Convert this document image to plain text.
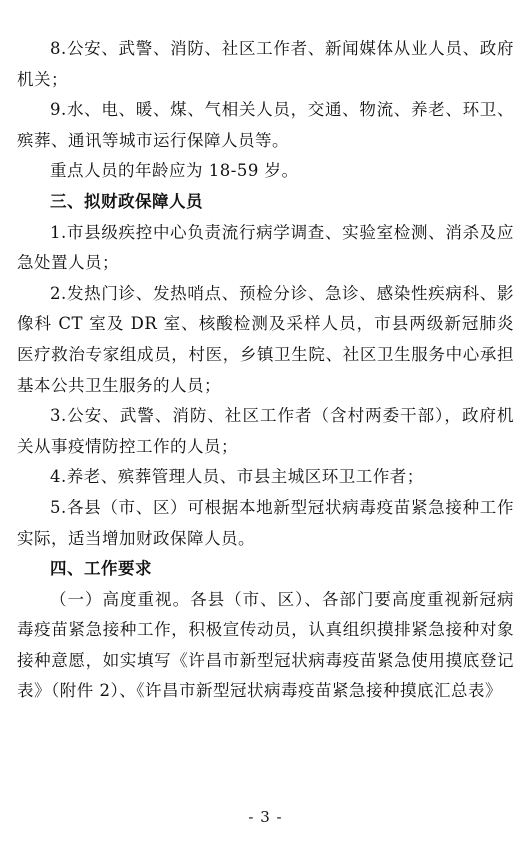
8.公安、武警、消防、社区工作者、新闻媒体从业人员、政府机关；

9.水、电、暖、煤、气相关人员，交通、物流、养老、环卫、殡葬、通讯等城市运行保障人员等。

重点人员的年龄应为 18-59 岁。

三、拟财政保障人员

1.市县级疾控中心负责流行病学调查、实验室检测、消杀及应急处置人员；

2.发热门诊、发热哨点、预检分诊、急诊、感染性疾病科、影像科 CT 室及 DR 室、核酸检测及采样人员，市县两级新冠肺炎医疗救治专家组成员，村医，乡镇卫生院、社区卫生服务中心承担基本公共卫生服务的人员；

3.公安、武警、消防、社区工作者（含村两委干部），政府机关从事疫情防控工作的人员；

4.养老、殡葬管理人员、市县主城区环卫工作者；

5.各县（市、区）可根据本地新型冠状病毒疫苗紧急接种工作实际，适当增加财政保障人员。

四、工作要求

（一）高度重视。各县（市、区）、各部门要高度重视新冠病毒疫苗紧急接种工作，积极宣传动员，认真组织摸排紧急接种对象接种意愿，如实填写《许昌市新型冠状病毒疫苗紧急使用摸底登记表》（附件 2）、《许昌市新型冠状病毒疫苗紧急接种摸底汇总表》

- 3 -
